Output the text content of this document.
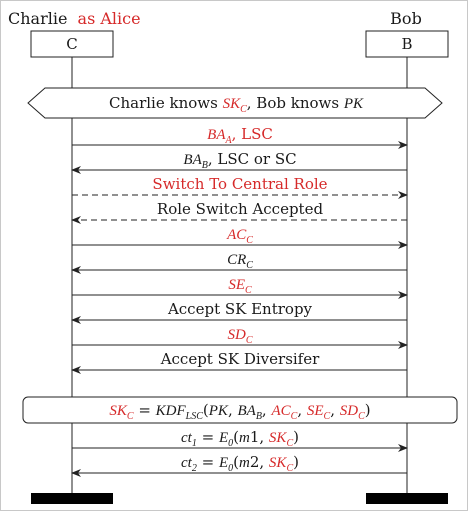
Charlie as Alice	Bob
C	B
Charlie knows $SK_C$, Bob knows PK
$SK_C = KDF_{LSC}(PK$, $BA_B$, $AC_C$, $SE_C$, $SD_C$)
$BA_A$, LSC
$BA_B$, LSC or SC
Switch To Central Role
Role Switch Accepted
$AC_C$
$CR_C$
$SE_C$
Accept SK Entropy
$SD_C$
Accept SK Diversifer
$ct_1 = E_0(m1$, $SK_C$)
$ct_2 = E_0(m2$, $SK_C$)
